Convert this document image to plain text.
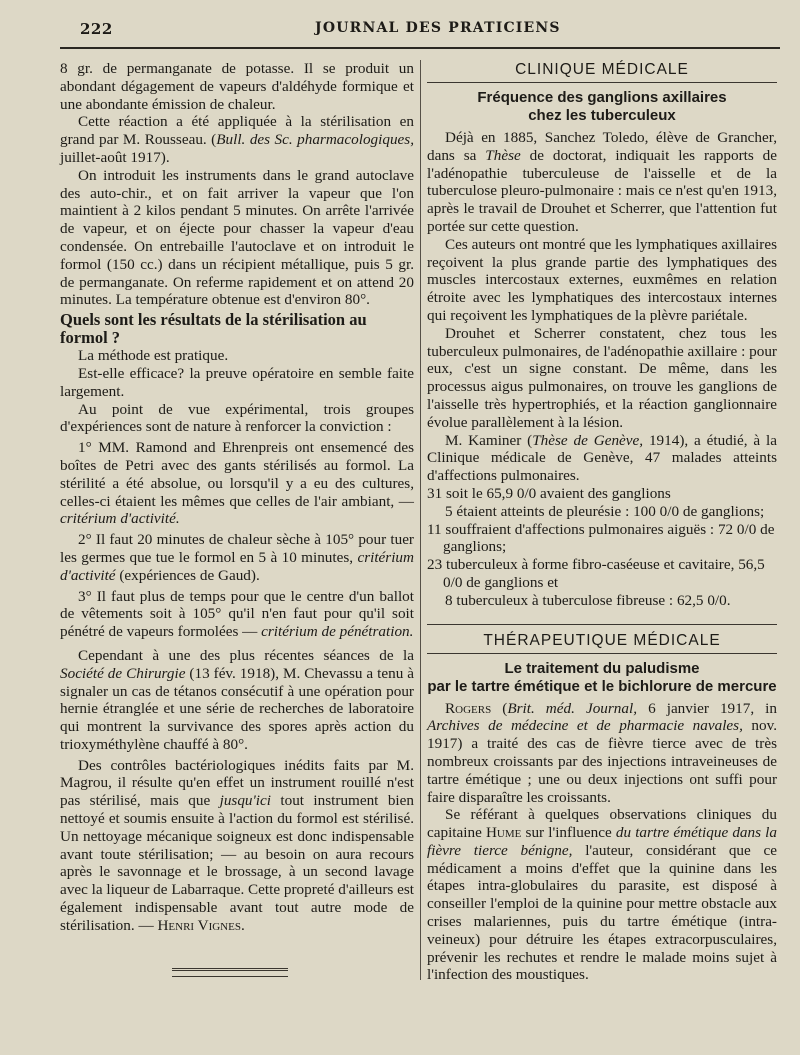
222	JOURNAL DES PRATICIENS

8 gr. de permanganate de potasse. Il se produit un abondant dégagement de vapeurs d'aldéhyde formique et une abondante émission de chaleur.

Cette réaction a été appliquée à la stérilisation en grand par M. Rousseau. (Bull. des Sc. pharmacologiques, juillet-août 1917).

On introduit les instruments dans le grand autoclave des auto-chir., et on fait arriver la vapeur que l'on maintient à 2 kilos pendant 5 minutes. On arrête l'arrivée de vapeur, et on éjecte pour chasser la vapeur d'eau condensée. On entrebaille l'autoclave et on introduit le formol (150 cc.) dans un récipient métallique, puis 5 gr. de permanganate. On referme rapidement et on attend 20 minutes. La température obtenue est d'environ 80°.

Quels sont les résultats de la stérilisation au formol ?

La méthode est pratique.

Est-elle efficace? la preuve opératoire en semble faite largement.

Au point de vue expérimental, trois groupes d'expériences sont de nature à renforcer la conviction :

1° MM. Ramond and Ehrenpreis ont ensemencé des boîtes de Petri avec des gants stérilisés au formol. La stérilité a été absolue, ou lorsqu'il y a eu des cultures, celles-ci étaient les mêmes que celles de l'air ambiant, — critérium d'activité.

2° Il faut 20 minutes de chaleur sèche à 105° pour tuer les germes que tue le formol en 5 à 10 minutes, critérium d'activité (expériences de Gaud).

3° Il faut plus de temps pour que le centre d'un ballot de vêtements soit à 105° qu'il n'en faut pour qu'il soit pénétré de vapeurs formolées — critérium de pénétration.

Cependant à une des plus récentes séances de la Société de Chirurgie (13 fév. 1918), M. Chevassu a tenu à signaler un cas de tétanos consécutif à une opération pour hernie étranglée et une série de recherches de laboratoire qui montrent la survivance des spores après action du trioxyméthylène chauffé à 80°.

Des contrôles bactériologiques inédits faits par M. Magrou, il résulte qu'en effet un instrument rouillé n'est pas stérilisé, mais que jusqu'ici tout instrument bien nettoyé et soumis ensuite à l'action du formol est stérilisé. Un nettoyage mécanique soigneux est donc indispensable avant toute stérilisation; — au besoin on aura recours après le savonnage et le brossage, à un second lavage avec la liqueur de Labarraque. Cette propreté d'ailleurs est également indispensable avant tout autre mode de stérilisation. — Henri Vignes.

CLINIQUE MÉDICALE
Fréquence des ganglions axillaires
chez les tuberculeux

Déjà en 1885, Sanchez Toledo, élève de Grancher, dans sa Thèse de doctorat, indiquait les rapports de l'adénopathie tuberculeuse de l'aisselle et de la tuberculose pleuro-pulmonaire : mais ce n'est qu'en 1913, après le travail de Drouhet et Scherrer, que l'attention fut portée sur cette question.

Ces auteurs ont montré que les lymphatiques axillaires reçoivent la plus grande partie des lymphatiques des muscles intercostaux externes, euxmêmes en relation étroite avec les lymphatiques des intercostaux internes qui reçoivent les lymphatiques de la plèvre pariétale.

Drouhet et Scherrer constatent, chez tous les tuberculeux pulmonaires, de l'adénopathie axillaire : pour eux, c'est un signe constant. De même, dans les processus aigus pulmonaires, on trouve les ganglions de l'aisselle très hypertrophiés, et la réaction ganglionnaire évolue parallèlement à la lésion.

M. Kaminer (Thèse de Genève, 1914), a étudié, à la Clinique médicale de Genève, 47 malades atteints d'affections pulmonaires.

31 soit le 65,9 0/0 avaient des ganglions

5 étaient atteints de pleurésie : 100 0/0 de ganglions;

11 souffraient d'affections pulmonaires aiguës : 72 0/0 de ganglions;

23 tuberculeux à forme fibro-caséeuse et cavitaire, 56,5 0/0 de ganglions et

8 tuberculeux à tuberculose fibreuse : 62,5 0/0.

THÉRAPEUTIQUE MÉDICALE
Le traitement du paludisme
par le tartre émétique et le bichlorure de mercure

Rogers (Brit. méd. Journal, 6 janvier 1917, in Archives de médecine et de pharmacie navales, nov. 1917) a traité des cas de fièvre tierce avec de très nombreux croissants par des injections intraveineuses de tartre émétique ; une ou deux injections ont suffi pour faire disparaître les croissants.

Se référant à quelques observations cliniques du capitaine Hume sur l'influence du tartre émétique dans la fièvre tierce bénigne, l'auteur, considérant que ce médicament a moins d'effet que la quinine dans les étapes intra-globulaires du parasite, est disposé à conseiller l'emploi de la quinine pour mettre obstacle aux crises malariennes, puis du tartre émétique (intra-veineux) pour détruire les étapes extracorpusculaires, prévenir les rechutes et rendre le malade moins sujet à l'infection des moustiques.
